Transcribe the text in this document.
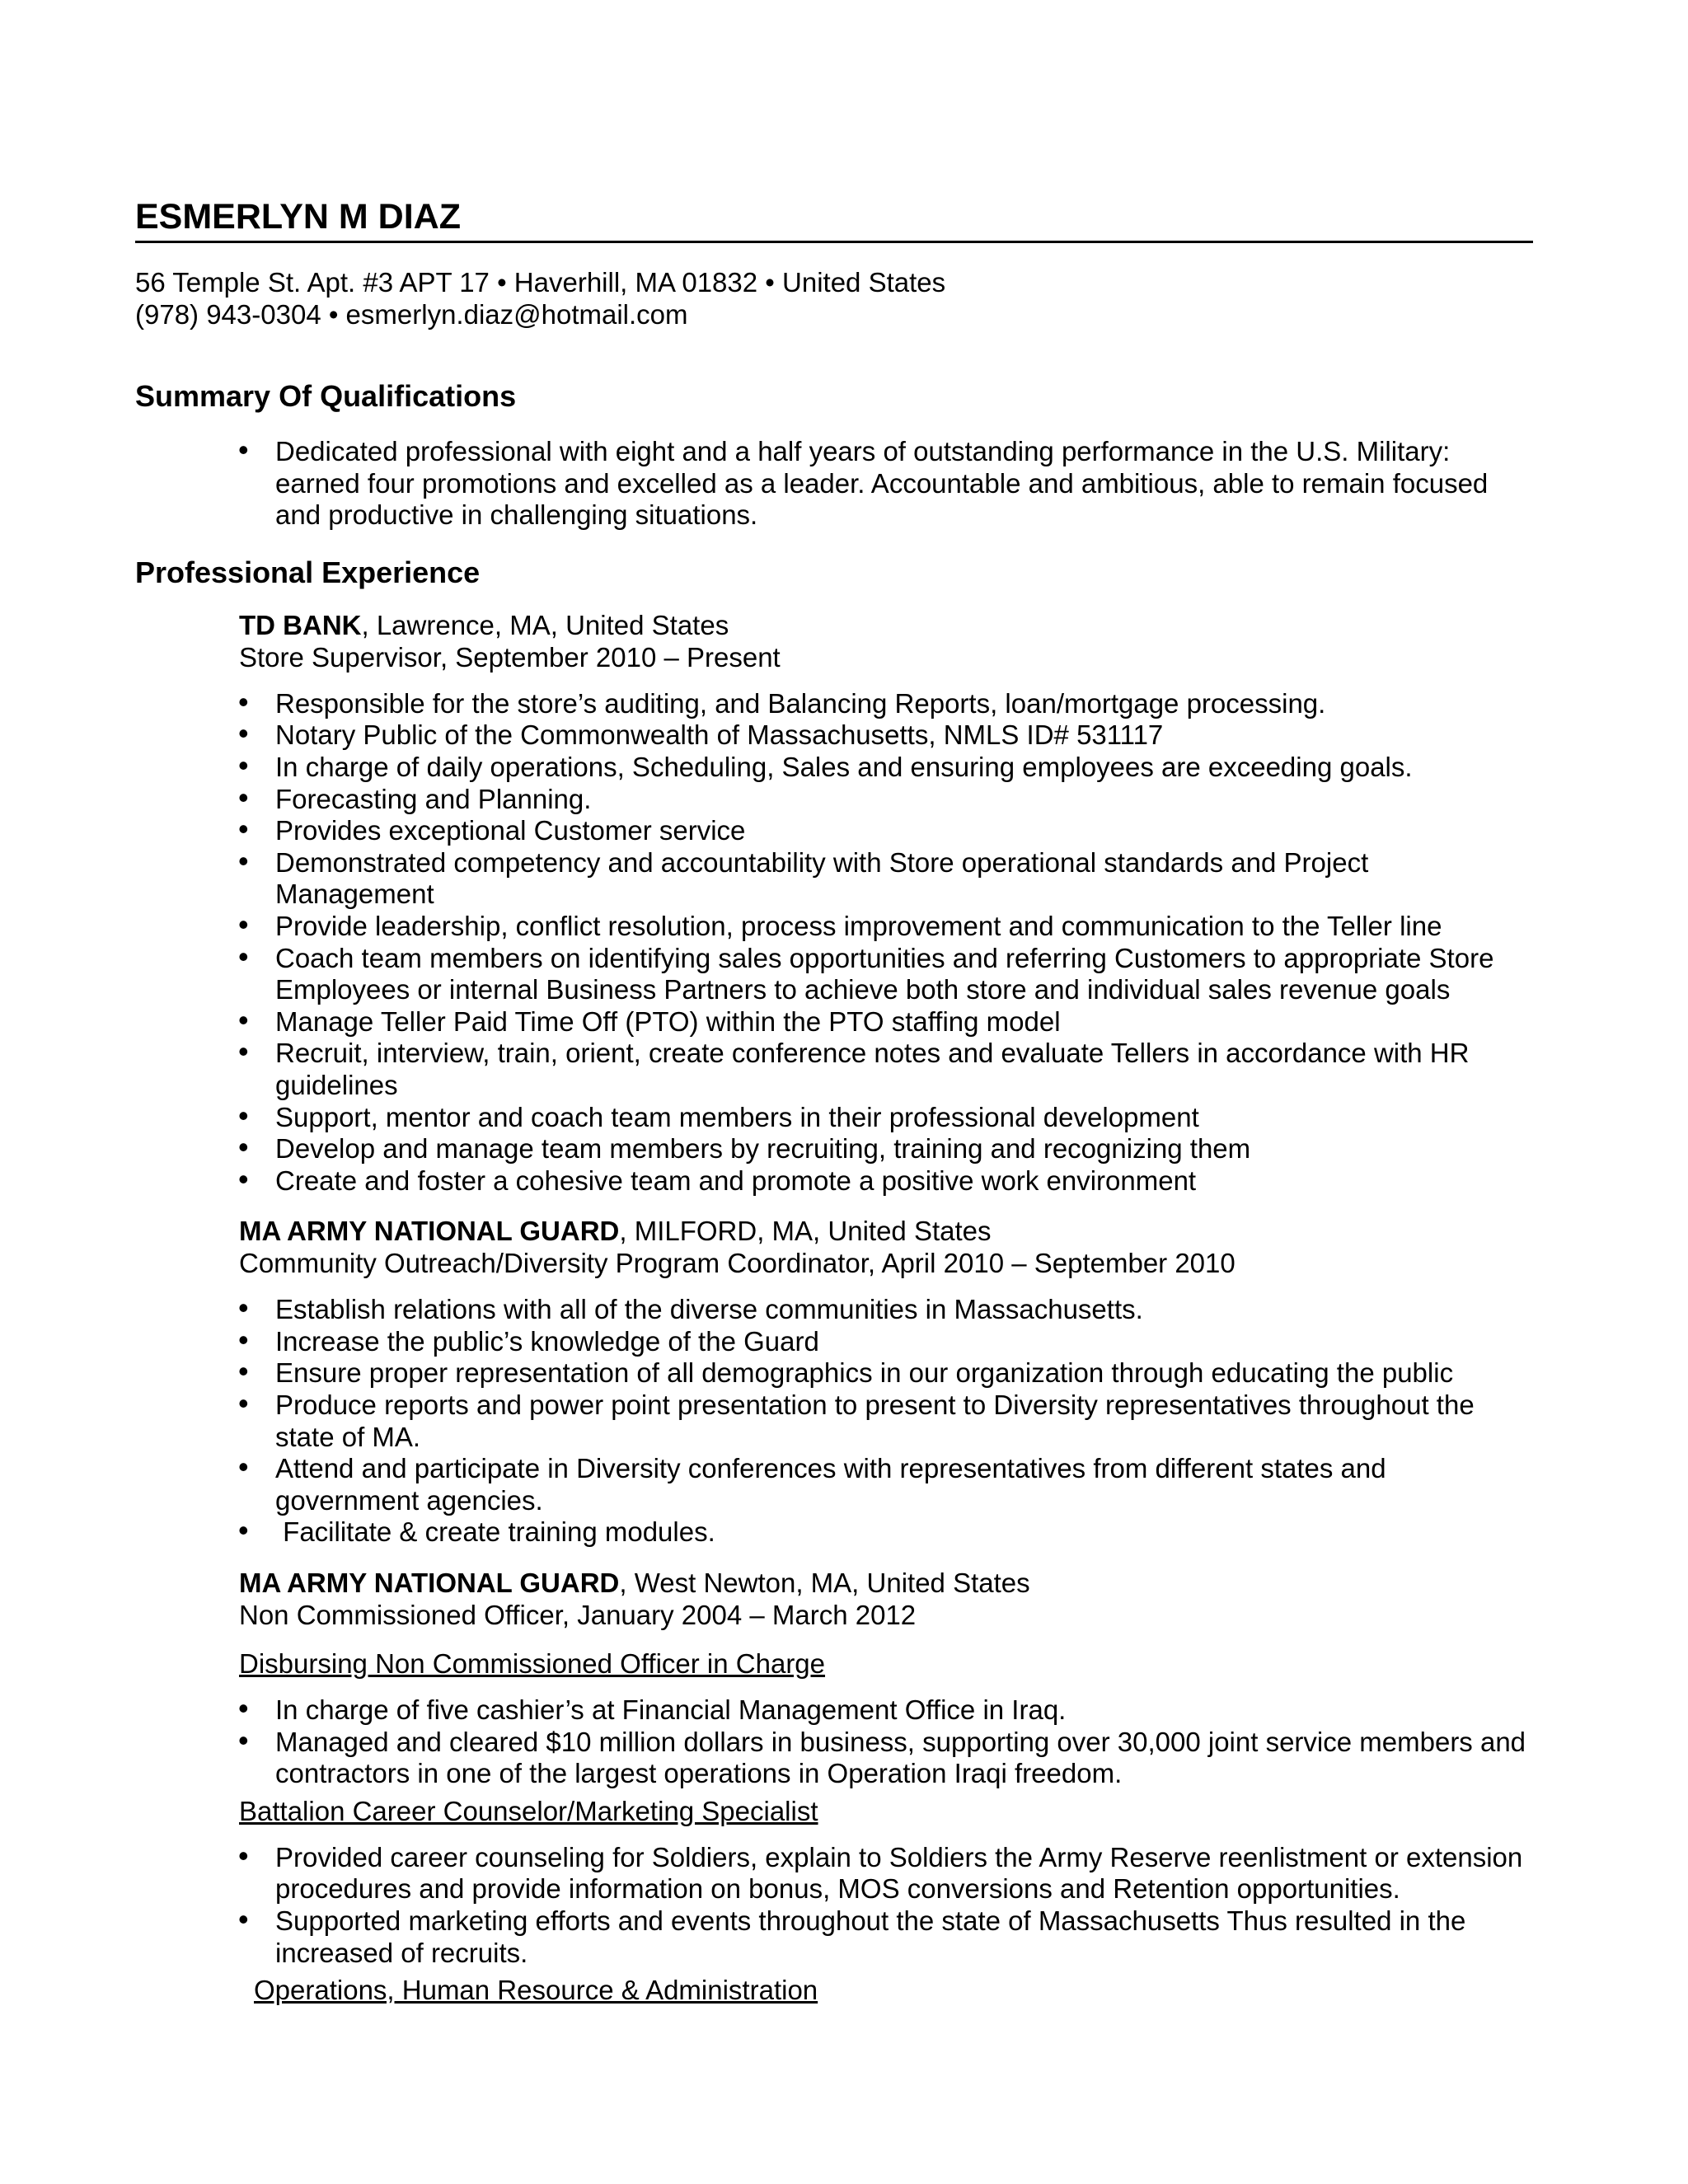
ESMERLYN M DIAZ
56 Temple St. Apt. #3 APT 17 • Haverhill, MA 01832 • United States
(978) 943-0304 • esmerlyn.diaz@hotmail.com
Summary Of Qualifications
• Dedicated professional with eight and a half years of outstanding performance in the U.S. Military: earned four promotions and excelled as a leader. Accountable and ambitious, able to remain focused and productive in challenging situations.
Professional Experience
TD BANK, Lawrence, MA, United States
Store Supervisor, September 2010 – Present
• Responsible for the store’s auditing, and Balancing Reports, loan/mortgage processing.
• Notary Public of the Commonwealth of Massachusetts, NMLS ID# 531117
• In charge of daily operations, Scheduling, Sales and ensuring employees are exceeding goals.
• Forecasting and Planning.
• Provides exceptional Customer service
• Demonstrated competency and accountability with Store operational standards and Project Management
• Provide leadership, conflict resolution, process improvement and communication to the Teller line
• Coach team members on identifying sales opportunities and referring Customers to appropriate Store Employees or internal Business Partners to achieve both store and individual sales revenue goals
• Manage Teller Paid Time Off (PTO) within the PTO staffing model
• Recruit, interview, train, orient, create conference notes and evaluate Tellers in accordance with HR guidelines
• Support, mentor and coach team members in their professional development
• Develop and manage team members by recruiting, training and recognizing them
• Create and foster a cohesive team and promote a positive work environment
MA ARMY NATIONAL GUARD, MILFORD, MA, United States
Community Outreach/Diversity Program Coordinator, April 2010 – September 2010
• Establish relations with all of the diverse communities in Massachusetts.
• Increase the public’s knowledge of the Guard
• Ensure proper representation of all demographics in our organization through educating the public
• Produce reports and power point presentation to present to Diversity representatives throughout the state of MA.
• Attend and participate in Diversity conferences with representatives from different states and government agencies.
•  Facilitate & create training modules.
MA ARMY NATIONAL GUARD, West Newton, MA, United States
Non Commissioned Officer, January 2004 – March 2012
Disbursing Non Commissioned Officer in Charge
• In charge of five cashier’s at Financial Management Office in Iraq.
• Managed and cleared $10 million dollars in business, supporting over 30,000 joint service members and contractors in one of the largest operations in Operation Iraqi freedom.
Battalion Career Counselor/Marketing Specialist
• Provided career counseling for Soldiers, explain to Soldiers the Army Reserve reenlistment or extension procedures and provide information on bonus, MOS conversions and Retention opportunities.
• Supported marketing efforts and events throughout the state of Massachusetts Thus resulted in the increased of recruits.
Operations, Human Resource & Administration
